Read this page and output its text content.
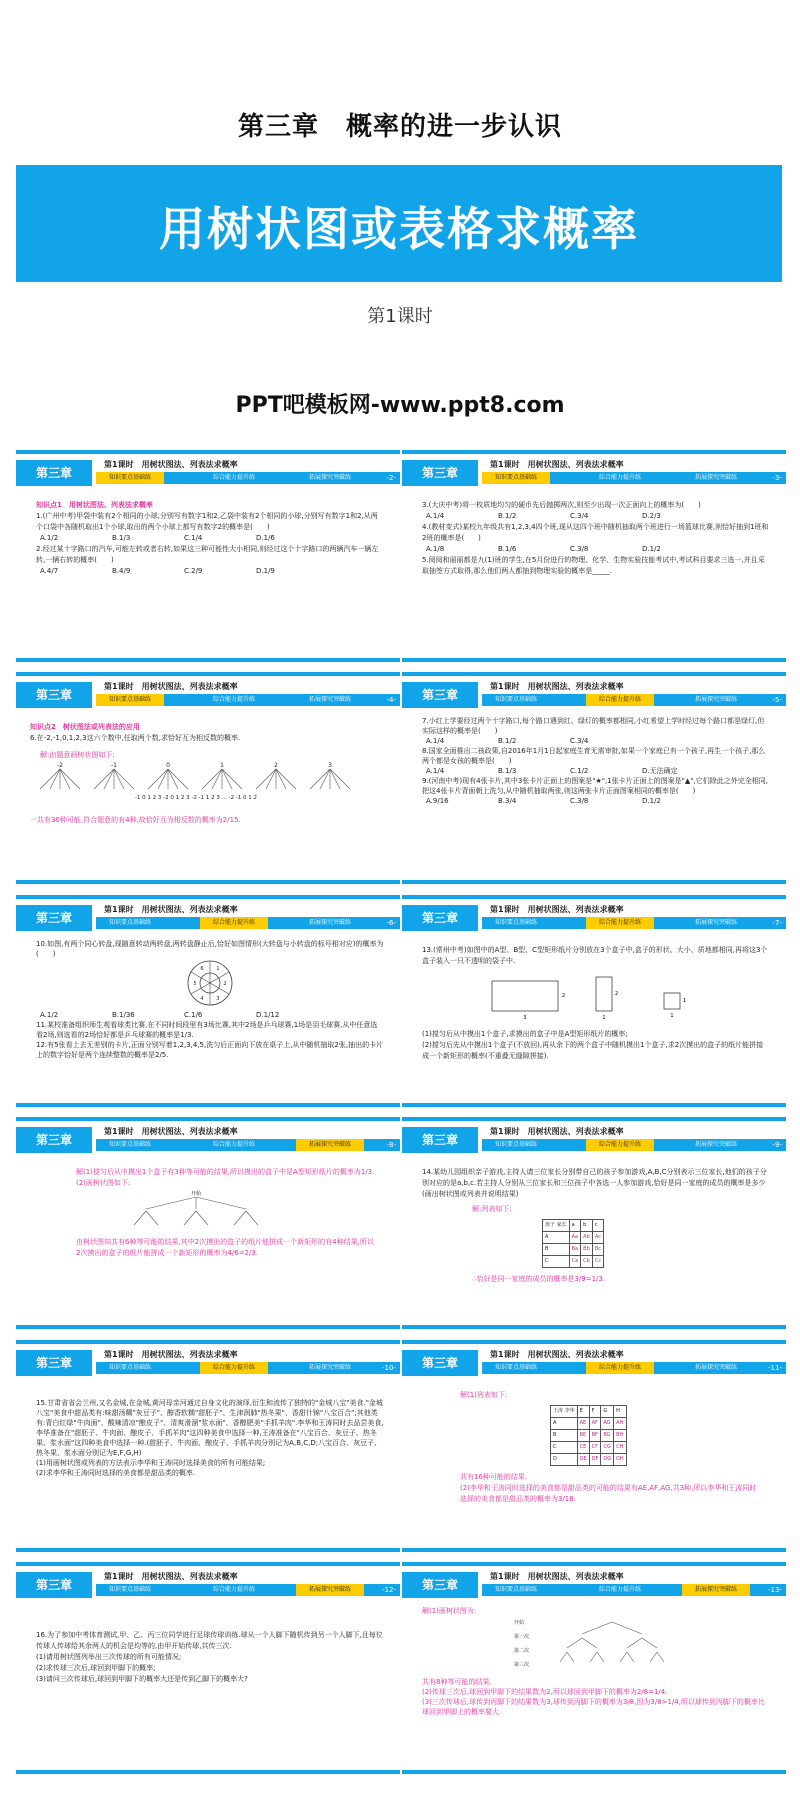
第三章　概率的进一步认识
用树状图或表格求概率
第1课时
PPT吧模板网-www.ppt8.com
第三章
第1课时　用树状图法、列表法求概率
知识要点基础练	综合能力提升练	拓展探究突破练	-2-
知识点1　用树状图法、列表法求概率
1.(广州中考)甲袋中装有2个相同的小球,分别写有数字1和2,乙袋中装有2个相同的小球,分别写有数字1和2,从两个口袋中各随机取出1个小球,取出的两个小球上都写有数字2的概率是(　　)
A.1/2	B.1/3	C.1/4	D.1/6
2.经过某十字路口的汽车,可能左转或者右转,如果这三种可能性大小相同,则经过这个十字路口的两辆汽车一辆左转,一辆右转的概率(　　)
A.4/7	B.4/9	C.2/9	D.1/9
第三章
第1课时　用树状图法、列表法求概率
知识要点基础练	综合能力提升练	拓展探究突破练	-3-
3.(大庆中考)将一枚质地均匀的硬币先后抛掷两次,则至少出现一次正面向上的概率为(　　)
A.1/4	B.1/2	C.3/4	D.2/3
4.(教材变式)某校九年级共有1,2,3,4四个班,现从这四个班中随机抽取两个班进行一场篮球比赛,则恰好抽到1班和2班的概率是(　　)
A.1/8	B.1/6	C.3/8	D.1/2
5.阅阅和丽丽都是九(1)班的学生,在5月份进行的物理、化学、生物实验技能考试中,考试科目要求三选一,并且采取抽签方式取得,那么他们两人都抽到物理实验的概率是_____.
第三章
第1课时　用树状图法、列表法求概率
知识要点基础练	综合能力提升练	拓展探究突破练	-4-
知识点2　树状图法或列表法的应用
6.在-2,-1,0,1,2,3这六个数中,任取两个数,求恰好互为相反数的概率.
解:由题意画树状图如下:
-2	-1	0	1	2	3
-1 0 1 2 3 -2 0 1 2 3 -2 -1 1 2 3 ... -2 -1 0 1 2
一共有30种可能,符合题意的有4种,故恰好互为相反数的概率为2/15.
第三章
第1课时　用树状图法、列表法求概率
知识要点基础练	综合能力提升练	拓展探究突破练	-5-
7.小红上学要经过两个十字路口,每个路口遇到红、绿灯的概率都相同,小红希望上学时经过每个路口都是绿灯,但实际这样的概率是(　　)
A.1/4	B.1/2	C.3/4
8.国家全面推出二孩政策,自2016年1月1日起家庭生育无需审批,如果一个家庭已有一个孩子,再生一个孩子,那么两个都是女孩的概率是(　　)
A.1/4	B.1/3	C.1/2	D.无法确定
9.(河南中考)现有4张卡片,其中3张卡片正面上的图案是"★",1张卡片正面上的图案是"▲",它们除此之外完全相同,把这4张卡片背面朝上洗匀,从中随机抽取两张,则这两张卡片正面图案相同的概率是(　　)
A.9/16	B.3/4	C.3/8	D.1/2
第三章
第1课时　用树状图法、列表法求概率
知识要点基础练	综合能力提升练	拓展探究突破练	-6-
10.如图,有两个同心转盘,现随意转动两转盘,两转盘静止后,恰好如图情形(大转盘与小转盘的标号相对应)的概率为(　　)
1
2
3
4
5
6
A.1/2	B.1/36	C.1/6	D.1/12
11.某校准备组织师生观看球类比赛,在不同时间段里有3场比赛,其中2场是乒乓球赛,1场是羽毛球赛,从中任意选看2场,则选看的2场恰好都是乒乓球赛的概率是1/3.
12.有5张看上去无差别的卡片,正面分别写着1,2,3,4,5,洗匀后正面向下放在桌子上,从中随机抽取2张,抽出的卡片上的数字恰好是两个连续整数的概率是2/5.
第三章
第1课时　用树状图法、列表法求概率
知识要点基础练	综合能力提升练	拓展探究突破练	-7-
13.(常州中考)如图中的A型、B型、C型矩形纸片分别放在3个盒子中,盒子的形状、大小、质地都相同,再将这3个盒子装入一只不透明的袋子中.
2
3
2
1
1
1
(1)搅匀后从中摸出1个盒子,求摸出的盒子中是A型矩形纸片的概率;
(2)搅匀后先从中摸出1个盒子(不放回),再从余下的两个盒子中随机摸出1个盒子,求2次摸出的盒子的纸片能拼接成一个新矩形的概率(不重叠无缝隙拼接).
第三章
第1课时　用树状图法、列表法求概率
知识要点基础练	综合能力提升练	拓展探究突破练	-8-
解(1)搅匀后从中摸出1个盒子有3种等可能的结果,所以摸出的盒子中是A型矩形纸片的概率为1/3.
(2)画树状图如下:
开始
由树状图知共有6种等可能的结果,其中2次摸出的盒子的纸片能拼成一个新矩形的有4种结果,所以2次摸出的盒子的纸片能拼成一个新矩形的概率为4/6=2/3.
第三章
第1课时　用树状图法、列表法求概率
知识要点基础练	综合能力提升练	拓展探究突破练	-9-
14.某幼儿园组织亲子游戏,主持人请三位家长分别带自己的孩子参加游戏,A,B,C分别表示三位家长,他们的孩子分别对应的是a,b,c.若主持人分别从三位家长和三位孩子中各选一人参加游戏,恰好是同一家庭的成员的概率是多少(画出树状图或列表并说明结果)
解:列表如下:
孩子 家长	a	b	c
A	Aa	Ab	Ac
B	Ba	Bb	Bc
C	Ca	Cb	Cc
∴恰好是同一家庭的成员的概率是3/9=1/3.
第三章
第1课时　用树状图法、列表法求概率
知识要点基础练	综合能力提升练	拓展探究突破练	-10-
15.甘肃省省会兰州,又名金城,在金城,黄河母亲河通过自身文化的演绎,衍生和流传了独特的"金城八宝"美食."金城八宝"美食中甜品类有:味甜汤糊"灰豆子"、醇香软糯"甜胚子"、生津润肺"热冬果"、香甜什锦"八宝百合";其他类有:青白红绿"牛肉面"、酸辣清凉"酿皮子"、清爽滑溜"浆水面"、香醇肥美"手抓羊肉".李华和王涛同时去品尝美食,李华准备在"甜胚子、牛肉面、酿皮子、手抓羊肉"这四种美食中选择一种,王涛准备在"八宝百合、灰豆子、热冬果、浆水面"这四种美食中选择一种.(甜胚子、牛肉面、酿皮子、手抓羊肉分别记为A,B,C,D;八宝百合、灰豆子、热冬果、浆水面分别记为E,F,G,H)
(1)用画树状图或列表的方法表示李华和王涛同时选择美食的所有可能结果;
(2)求李华和王涛同时选择的美食都是甜品类的概率.
第三章
第1课时　用树状图法、列表法求概率
知识要点基础练	综合能力提升练	拓展探究突破练	-11-
解(1)列表如下:
王涛 李华	E	F	G	H
A	AE	AF	AG	AH
B	BE	BF	BG	BH
C	CE	CF	CG	CH
D	DE	DF	DG	DH
共有16种可能的结果.
(2)李华和王涛同时选择的美食都是甜品类的可能的结果有AE,AF,AG,共3种,所以李华和王涛同时选择的美食都是甜品类的概率为3/16.
第三章
第1课时　用树状图法、列表法求概率
知识要点基础练	综合能力提升练	拓展探究突破练	-12-
16.为了参加中考体育测试,甲、乙、丙三位同学进行足球传球训练.球从一个人脚下随机传到另一个人脚下,且每位传球人传球给其余两人的机会是均等的,由甲开始传球,共传三次.
(1)请用树状图列举出三次传球的所有可能情况;
(2)求传球三次后,球回到甲脚下的概率;
(3)请问三次传球后,球回到甲脚下的概率大还是传到乙脚下的概率大?
第三章
第1课时　用树状图法、列表法求概率
知识要点基础练	综合能力提升练	拓展探究突破练	-13-
解(1)画树状图为:
开始
第一次
第二次
第三次
共有8种等可能的结果.
(2)传球三次后,球回到甲脚下的结果数为2,所以球回到甲脚下的概率为2/8=1/4.
(3)三次传球后,球传到丙脚下的结果数为3,球传到丙脚下的概率为3/8,因为3/8>1/4,所以球传到丙脚下的概率比球回到甲脚上的概率要大.
